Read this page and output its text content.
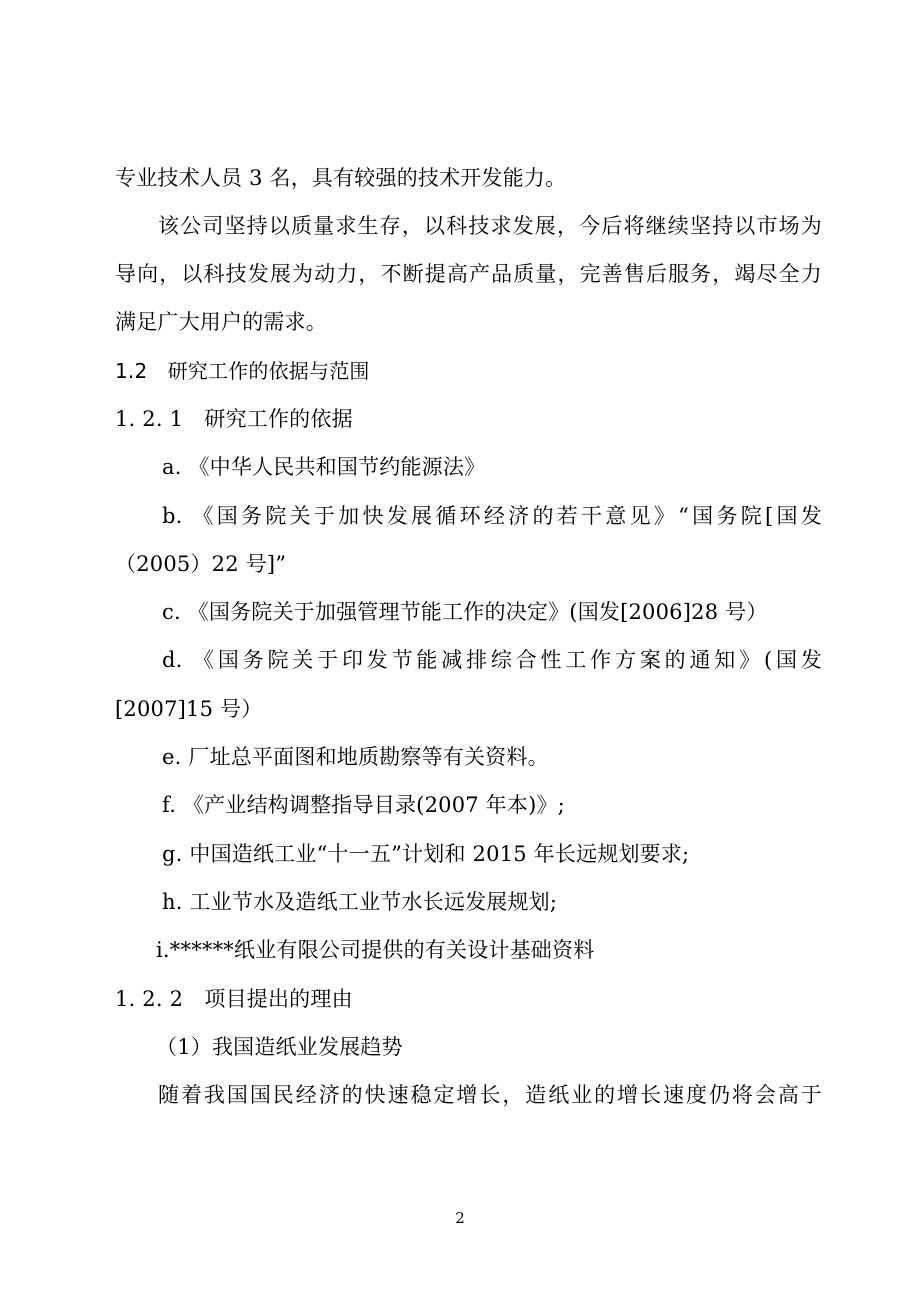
专业技术人员 3 名，具有较强的技术开发能力。
该公司坚持以质量求生存，以科技求发展，今后将继续坚持以市场为
导向，以科技发展为动力，不断提高产品质量，完善售后服务，竭尽全力
满足广大用户的需求。
1.2　研究工作的依据与范围
1. 2. 1　研究工作的依据
a. 《中华人民共和国节约能源法》
b. 《国务院关于加快发展循环经济的若干意见》“国务院[国发
（2005）22 号]”
c. 《国务院关于加强管理节能工作的决定》(国发[2006]28 号）
d. 《国务院关于印发节能减排综合性工作方案的通知》(国发
[2007]15 号）
e. 厂址总平面图和地质勘察等有关资料。
f. 《产业结构调整指导目录(2007 年本)》;
g. 中国造纸工业“十一五”计划和 2015 年长远规划要求;
h. 工业节水及造纸工业节水长远发展规划;
i.******纸业有限公司提供的有关设计基础资料
1. 2. 2　项目提出的理由
（1）我国造纸业发展趋势
随着我国国民经济的快速稳定增长，造纸业的增长速度仍将会高于
2
